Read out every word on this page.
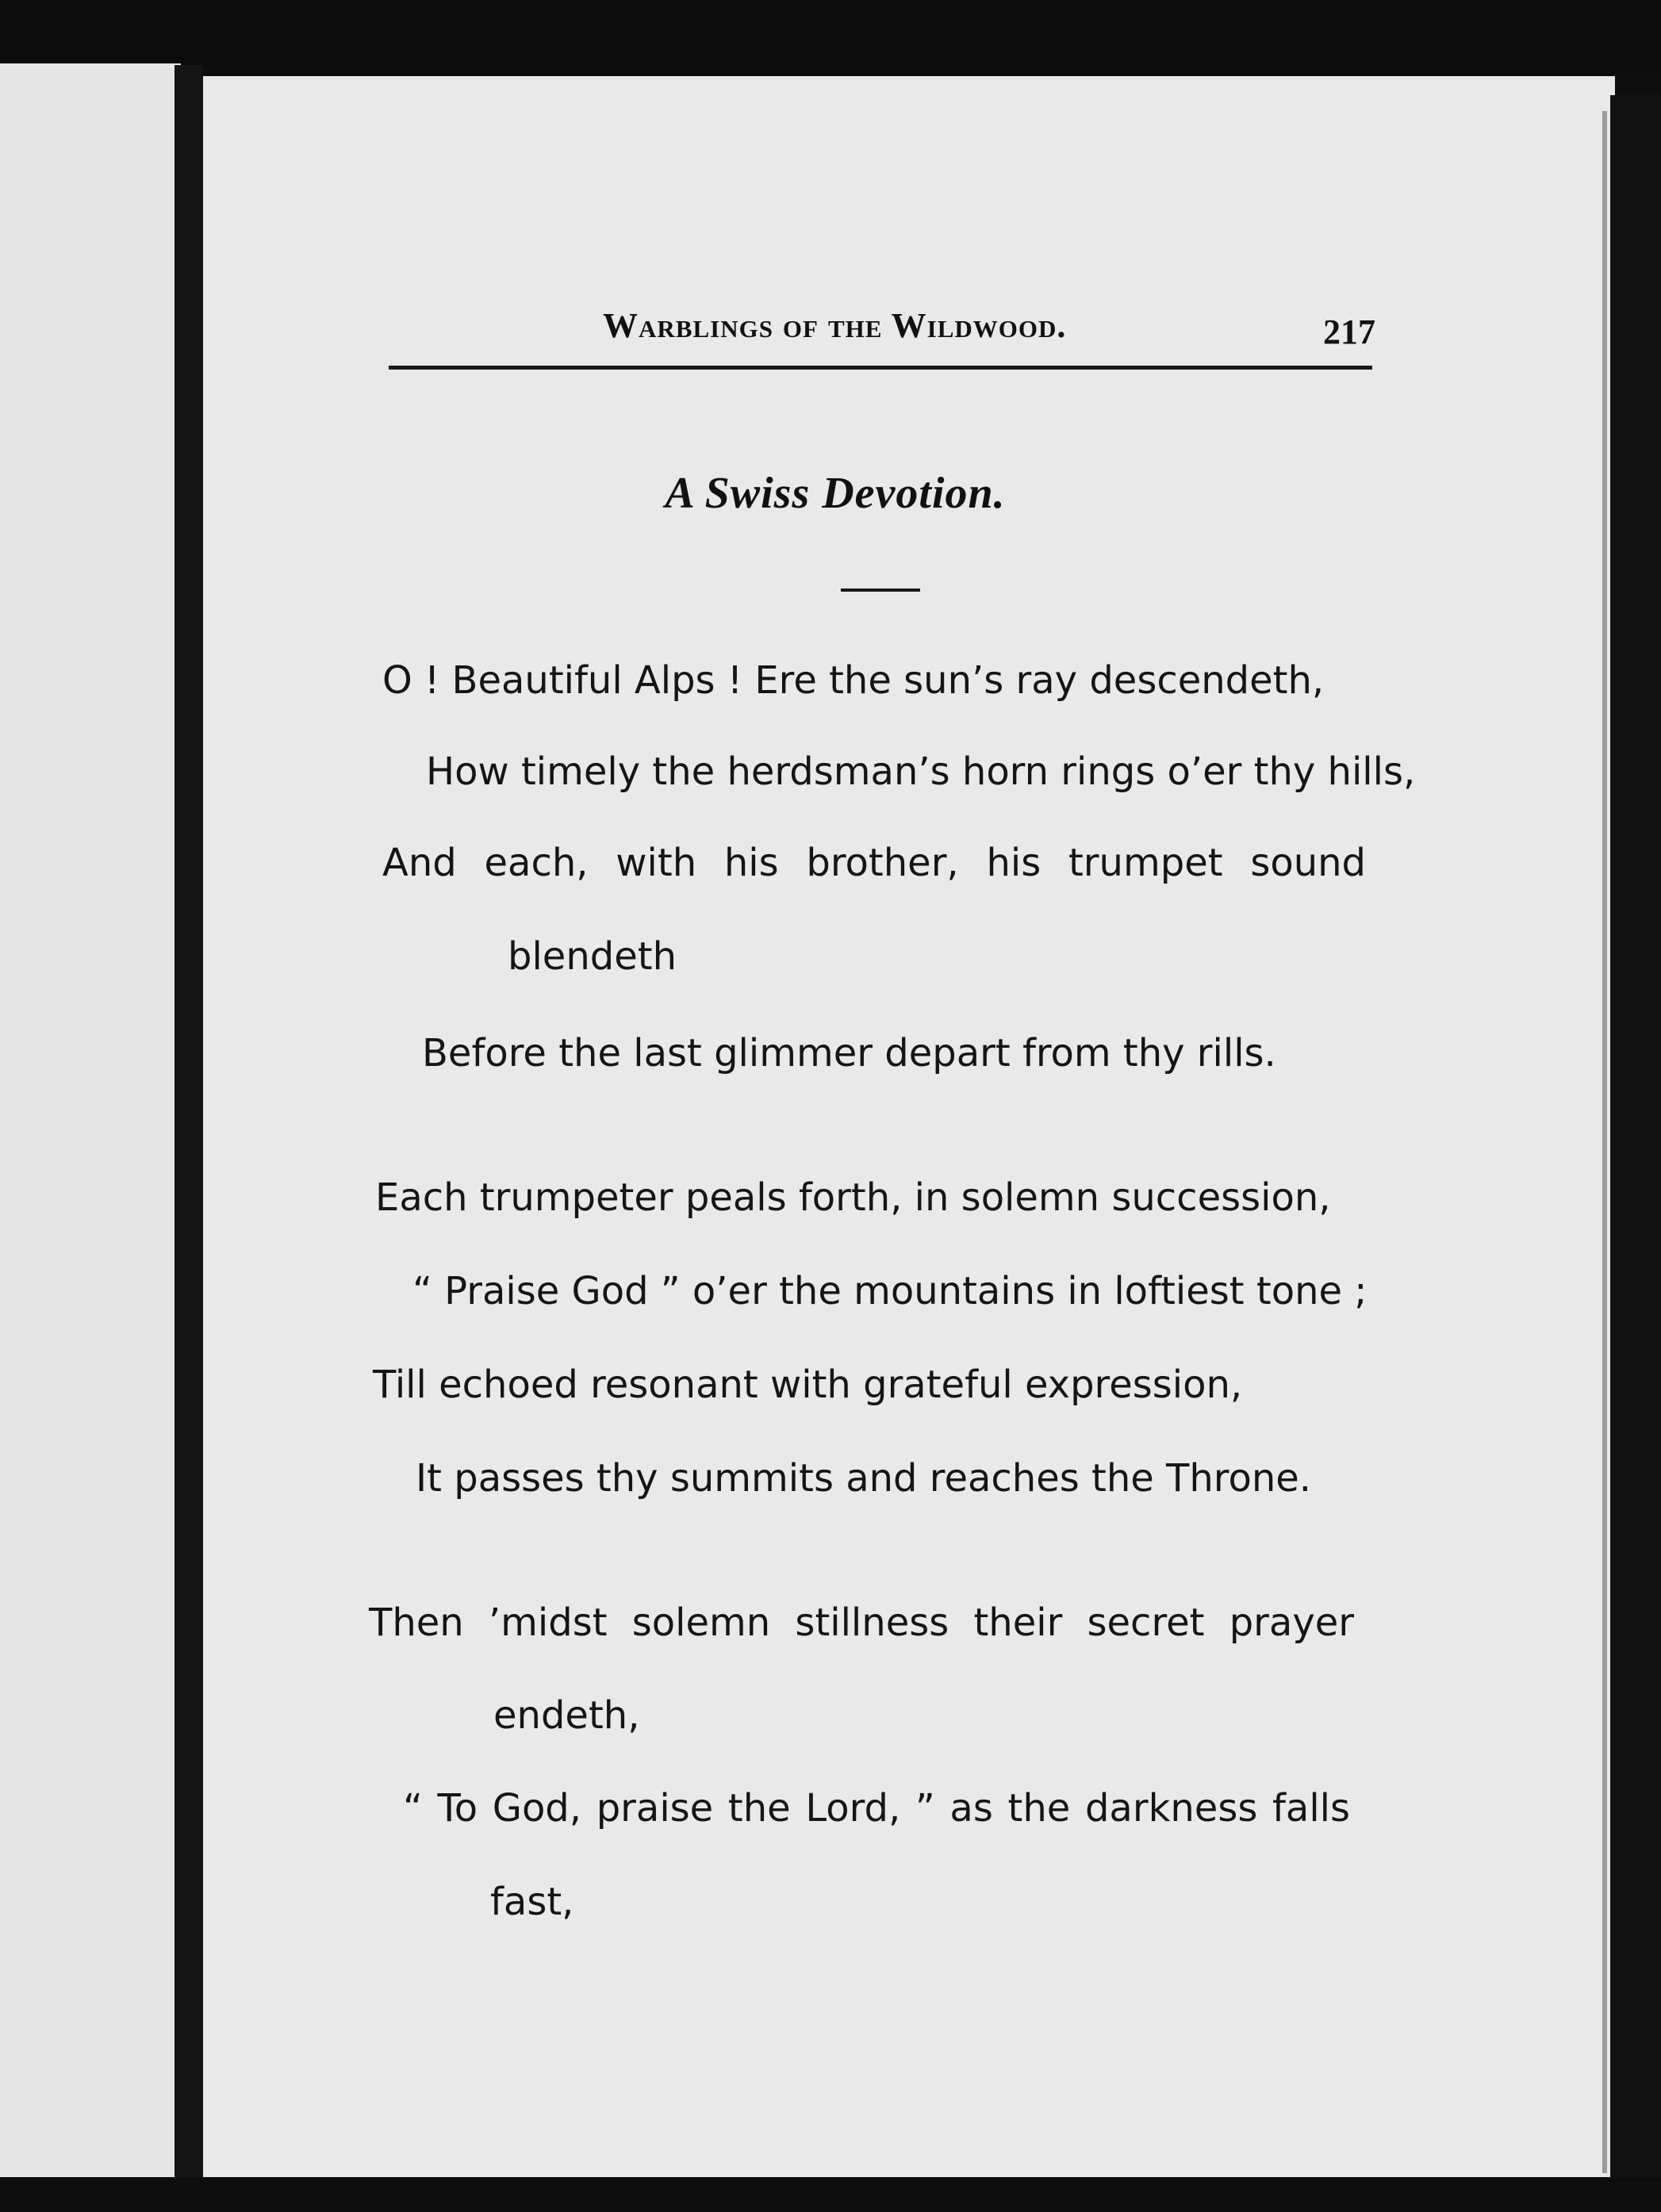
Warblings of the Wildwood.	217
A Swiss Devotion.
O ! Beautiful Alps ! Ere the sun’s ray descendeth,
How timely the herdsman’s horn rings o’er thy hills,
And each, with his brother, his trumpet sound
blendeth
Before the last glimmer depart from thy rills.
Each trumpeter peals forth, in solemn succession,
“ Praise God ” o’er the mountains in loftiest tone ;
Till echoed resonant with grateful expression,
It passes thy summits and reaches the Throne.
Then ’midst solemn stillness their secret prayer
endeth,
“ To God, praise the Lord, ” as the darkness falls
fast,
